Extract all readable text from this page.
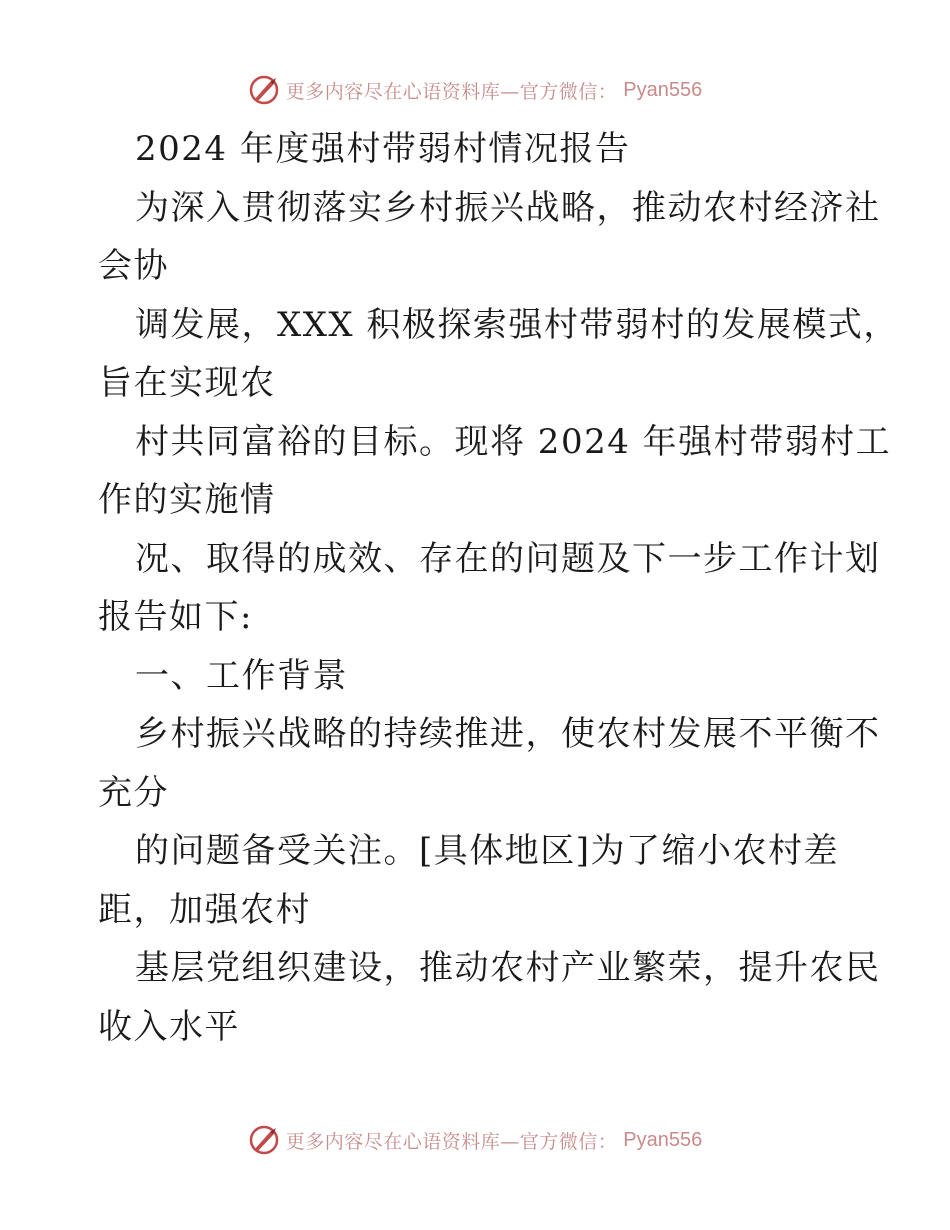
更多内容尽在心语资料库—官方微信： Pyan556
2024 年度强村带弱村情况报告
为深入贯彻落实乡村振兴战略，推动农村经济社
会协
调发展，XXX 积极探索强村带弱村的发展模式，
旨在实现农
村共同富裕的目标。现将 2024 年强村带弱村工
作的实施情
况、取得的成效、存在的问题及下一步工作计划
报告如下:
一、工作背景
乡村振兴战略的持续推进，使农村发展不平衡不
充分
的问题备受关注。[具体地区]为了缩小农村差
距，加强农村
基层党组织建设，推动农村产业繁荣，提升农民
收入水平
更多内容尽在心语资料库—官方微信： Pyan556
